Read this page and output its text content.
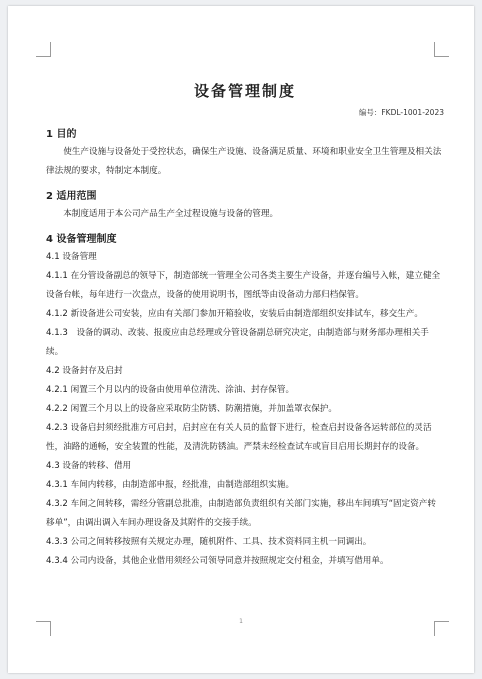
设备管理制度
编号：FKDL-1001-2023
1 目的
使生产设施与设备处于受控状态，确保生产设施、设备满足质量、环境和职业安全卫生管理及相关法律法规的要求，特制定本制度。
2 适用范围
本制度适用于本公司产品生产全过程设施与设备的管理。
4 设备管理制度
4.1 设备管理
4.1.1 在分管设备副总的领导下，制造部统一管理全公司各类主要生产设备，并逐台编号入帐，建立健全设备台帐，每年进行一次盘点，设备的使用说明书，图纸等由设备动力部归档保管。
4.1.2 新设备进公司安装，应由有关部门参加开箱验收，安装后由制造部组织安排试车，移交生产。
4.1.3　设备的调动、改装、报废应由总经理或分管设备副总研究决定，由制造部与财务部办理相关手续。
4.2 设备封存及启封
4.2.1 闲置三个月以内的设备由使用单位清洗、涂油、封存保管。
4.2.2 闲置三个月以上的设备应采取防尘防锈、防潮措施，并加盖罩衣保护。
4.2.3 设备启封须经批准方可启封，启封应在有关人员的监督下进行，检查启封设备各运转部位的灵活性，油路的通畅，安全装置的性能，及清洗防锈油。严禁未经检查试车或盲目启用长期封存的设备。
4.3 设备的转移、借用
4.3.1 车间内转移，由制造部申报，经批准，由制造部组织实施。
4.3.2 车间之间转移，需经分管副总批准，由制造部负责组织有关部门实施，移出车间填写“固定资产转移单”，由调出调入车间办理设备及其附件的交接手续。
4.3.3 公司之间转移按照有关规定办理，随机附件、工具、技术资料同主机一同调出。
4.3.4 公司内设备，其他企业借用须经公司领导同意并按照规定交付租金，并填写借用单。
1
